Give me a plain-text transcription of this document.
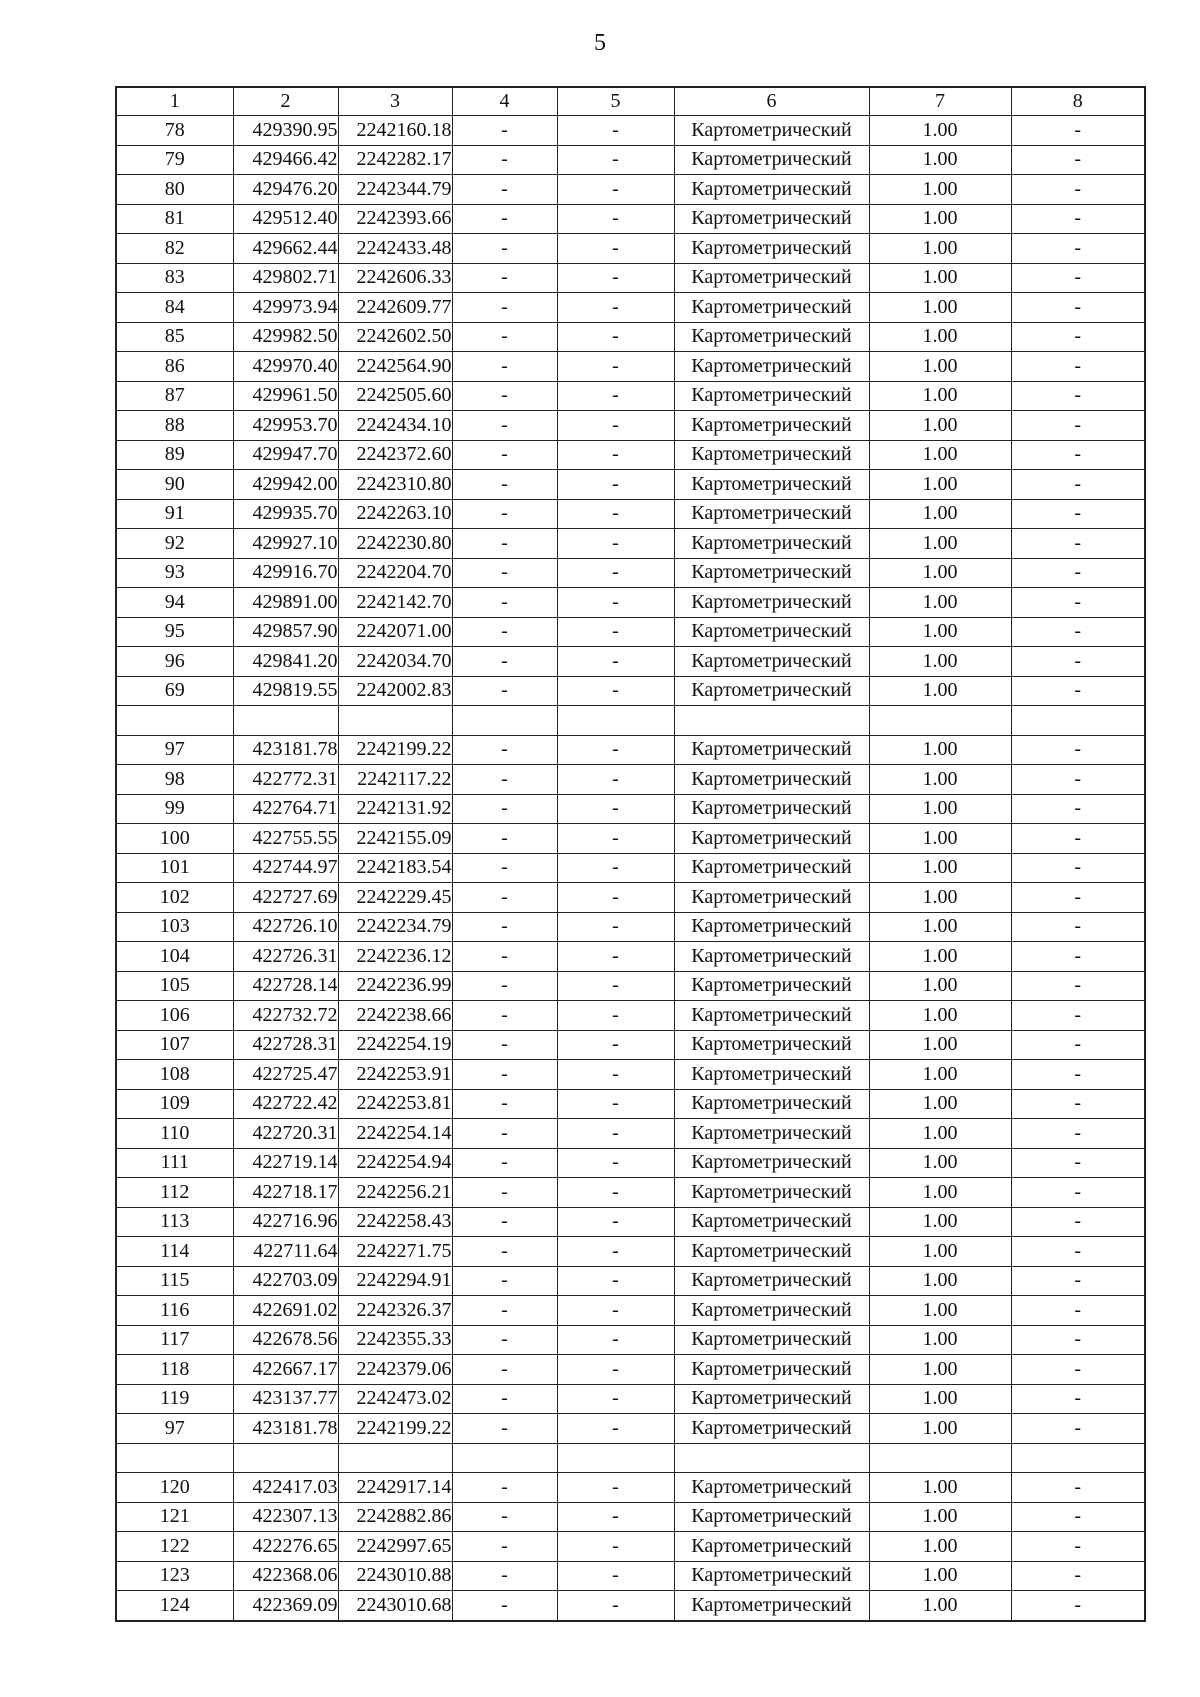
5
1	2	3	4	5	6	7	8
78	429390.95	2242160.18	-	-	Картометрический	1.00	-
79	429466.42	2242282.17	-	-	Картометрический	1.00	-
80	429476.20	2242344.79	-	-	Картометрический	1.00	-
81	429512.40	2242393.66	-	-	Картометрический	1.00	-
82	429662.44	2242433.48	-	-	Картометрический	1.00	-
83	429802.71	2242606.33	-	-	Картометрический	1.00	-
84	429973.94	2242609.77	-	-	Картометрический	1.00	-
85	429982.50	2242602.50	-	-	Картометрический	1.00	-
86	429970.40	2242564.90	-	-	Картометрический	1.00	-
87	429961.50	2242505.60	-	-	Картометрический	1.00	-
88	429953.70	2242434.10	-	-	Картометрический	1.00	-
89	429947.70	2242372.60	-	-	Картометрический	1.00	-
90	429942.00	2242310.80	-	-	Картометрический	1.00	-
91	429935.70	2242263.10	-	-	Картометрический	1.00	-
92	429927.10	2242230.80	-	-	Картометрический	1.00	-
93	429916.70	2242204.70	-	-	Картометрический	1.00	-
94	429891.00	2242142.70	-	-	Картометрический	1.00	-
95	429857.90	2242071.00	-	-	Картометрический	1.00	-
96	429841.20	2242034.70	-	-	Картометрический	1.00	-
69	429819.55	2242002.83	-	-	Картометрический	1.00	-

97	423181.78	2242199.22	-	-	Картометрический	1.00	-
98	422772.31	2242117.22	-	-	Картометрический	1.00	-
99	422764.71	2242131.92	-	-	Картометрический	1.00	-
100	422755.55	2242155.09	-	-	Картометрический	1.00	-
101	422744.97	2242183.54	-	-	Картометрический	1.00	-
102	422727.69	2242229.45	-	-	Картометрический	1.00	-
103	422726.10	2242234.79	-	-	Картометрический	1.00	-
104	422726.31	2242236.12	-	-	Картометрический	1.00	-
105	422728.14	2242236.99	-	-	Картометрический	1.00	-
106	422732.72	2242238.66	-	-	Картометрический	1.00	-
107	422728.31	2242254.19	-	-	Картометрический	1.00	-
108	422725.47	2242253.91	-	-	Картометрический	1.00	-
109	422722.42	2242253.81	-	-	Картометрический	1.00	-
110	422720.31	2242254.14	-	-	Картометрический	1.00	-
111	422719.14	2242254.94	-	-	Картометрический	1.00	-
112	422718.17	2242256.21	-	-	Картометрический	1.00	-
113	422716.96	2242258.43	-	-	Картометрический	1.00	-
114	422711.64	2242271.75	-	-	Картометрический	1.00	-
115	422703.09	2242294.91	-	-	Картометрический	1.00	-
116	422691.02	2242326.37	-	-	Картометрический	1.00	-
117	422678.56	2242355.33	-	-	Картометрический	1.00	-
118	422667.17	2242379.06	-	-	Картометрический	1.00	-
119	423137.77	2242473.02	-	-	Картометрический	1.00	-
97	423181.78	2242199.22	-	-	Картометрический	1.00	-

120	422417.03	2242917.14	-	-	Картометрический	1.00	-
121	422307.13	2242882.86	-	-	Картометрический	1.00	-
122	422276.65	2242997.65	-	-	Картометрический	1.00	-
123	422368.06	2243010.88	-	-	Картометрический	1.00	-
124	422369.09	2243010.68	-	-	Картометрический	1.00	-
